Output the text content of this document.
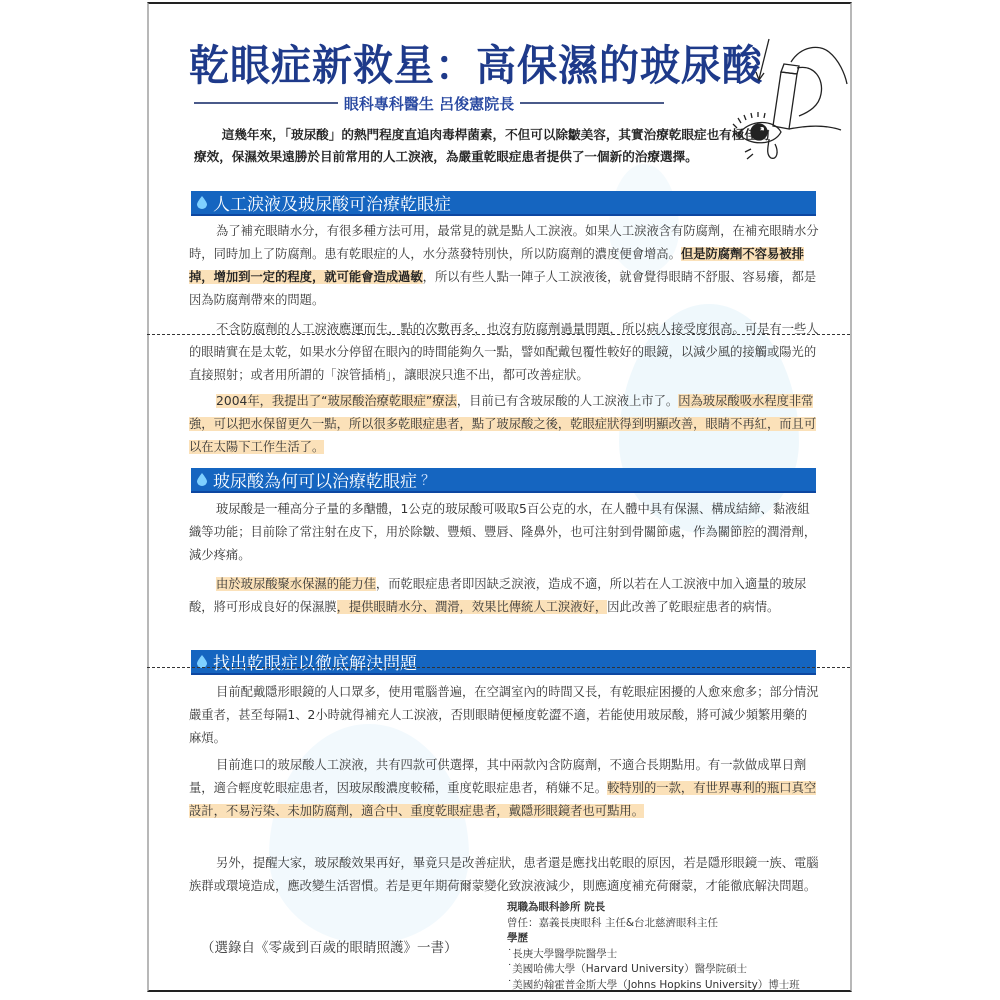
乾眼症新救星：高保濕的玻尿酸
眼科專科醫生 呂俊憲院長

這幾年來，「玻尿酸」的熱門程度直追肉毒桿菌素，不但可以除皺美容，其實治療乾眼症也有極佳的療效，保濕效果遠勝於目前常用的人工淚液，為嚴重乾眼症患者提供了一個新的治療選擇。

人工淚液及玻尿酸可治療乾眼症

為了補充眼睛水分，有很多種方法可用，最常見的就是點人工淚液。如果人工淚液含有防腐劑，在補充眼睛水分時，同時加上了防腐劑。患有乾眼症的人，水分蒸發特別快，所以防腐劑的濃度便會增高。但是防腐劑不容易被排掉，增加到一定的程度，就可能會造成過敏，所以有些人點一陣子人工淚液後，就會覺得眼睛不舒服、容易癢，都是因為防腐劑帶來的問題。

不含防腐劑的人工淚液應運而生，點的次數再多，也沒有防腐劑過量問題，所以病人接受度很高。可是有一些人的眼睛實在是太乾，如果水分停留在眼內的時間能夠久一點，譬如配戴包覆性較好的眼鏡，以減少風的接觸或陽光的直接照射；或者用所謂的「淚管插梢」，讓眼淚只進不出，都可改善症狀。

2004年，我提出了“玻尿酸治療乾眼症”療法，目前已有含玻尿酸的人工淚液上市了。因為玻尿酸吸水程度非常強，可以把水保留更久一點，所以很多乾眼症患者，點了玻尿酸之後，乾眼症狀得到明顯改善，眼睛不再紅，而且可以在太陽下工作生活了。

玻尿酸為何可以治療乾眼症 ？

玻尿酸是一種高分子量的多醣體，1公克的玻尿酸可吸取5百公克的水，在人體中具有保濕、構成結締、黏液組織等功能；目前除了常注射在皮下，用於除皺、豐頰、豐唇、隆鼻外，也可注射到骨關節處，作為關節腔的潤滑劑，減少疼痛。

由於玻尿酸聚水保濕的能力佳，而乾眼症患者即因缺乏淚液，造成不適，所以若在人工淚液中加入適量的玻尿酸，將可形成良好的保濕膜，提供眼睛水分、潤滑，效果比傳統人工淚液好，因此改善了乾眼症患者的病情。

找出乾眼症以徹底解決問題

目前配戴隱形眼鏡的人口眾多，使用電腦普遍，在空調室內的時間又長，有乾眼症困擾的人愈來愈多；部分情況嚴重者，甚至每隔1、2小時就得補充人工淚液，否則眼睛便極度乾澀不適，若能使用玻尿酸，將可減少頻繁用藥的麻煩。

目前進口的玻尿酸人工淚液，共有四款可供選擇，其中兩款內含防腐劑，不適合長期點用。有一款做成單日劑量，適合輕度乾眼症患者，因玻尿酸濃度較稀，重度乾眼症患者，稍嫌不足。較特別的一款，有世界專利的瓶口真空設計，不易污染、未加防腐劑，適合中、重度乾眼症患者，戴隱形眼鏡者也可點用。

另外，提醒大家，玻尿酸效果再好，畢竟只是改善症狀，患者還是應找出乾眼的原因，若是隱形眼鏡一族、電腦族群或環境造成，應改變生活習慣。若是更年期荷爾蒙變化致淚液減少，則應適度補充荷爾蒙，才能徹底解決問題。

（選錄自《零歲到百歲的眼睛照護》一書）
現職為眼科診所 院長
曾任：嘉義長庚眼科 主任&台北慈濟眼科主任
學歷
˙長庚大學醫學院醫學士
˙美國哈佛大學（Harvard University）醫學院碩士
˙美國約翰霍普金斯大學（Johns Hopkins University）博士班
